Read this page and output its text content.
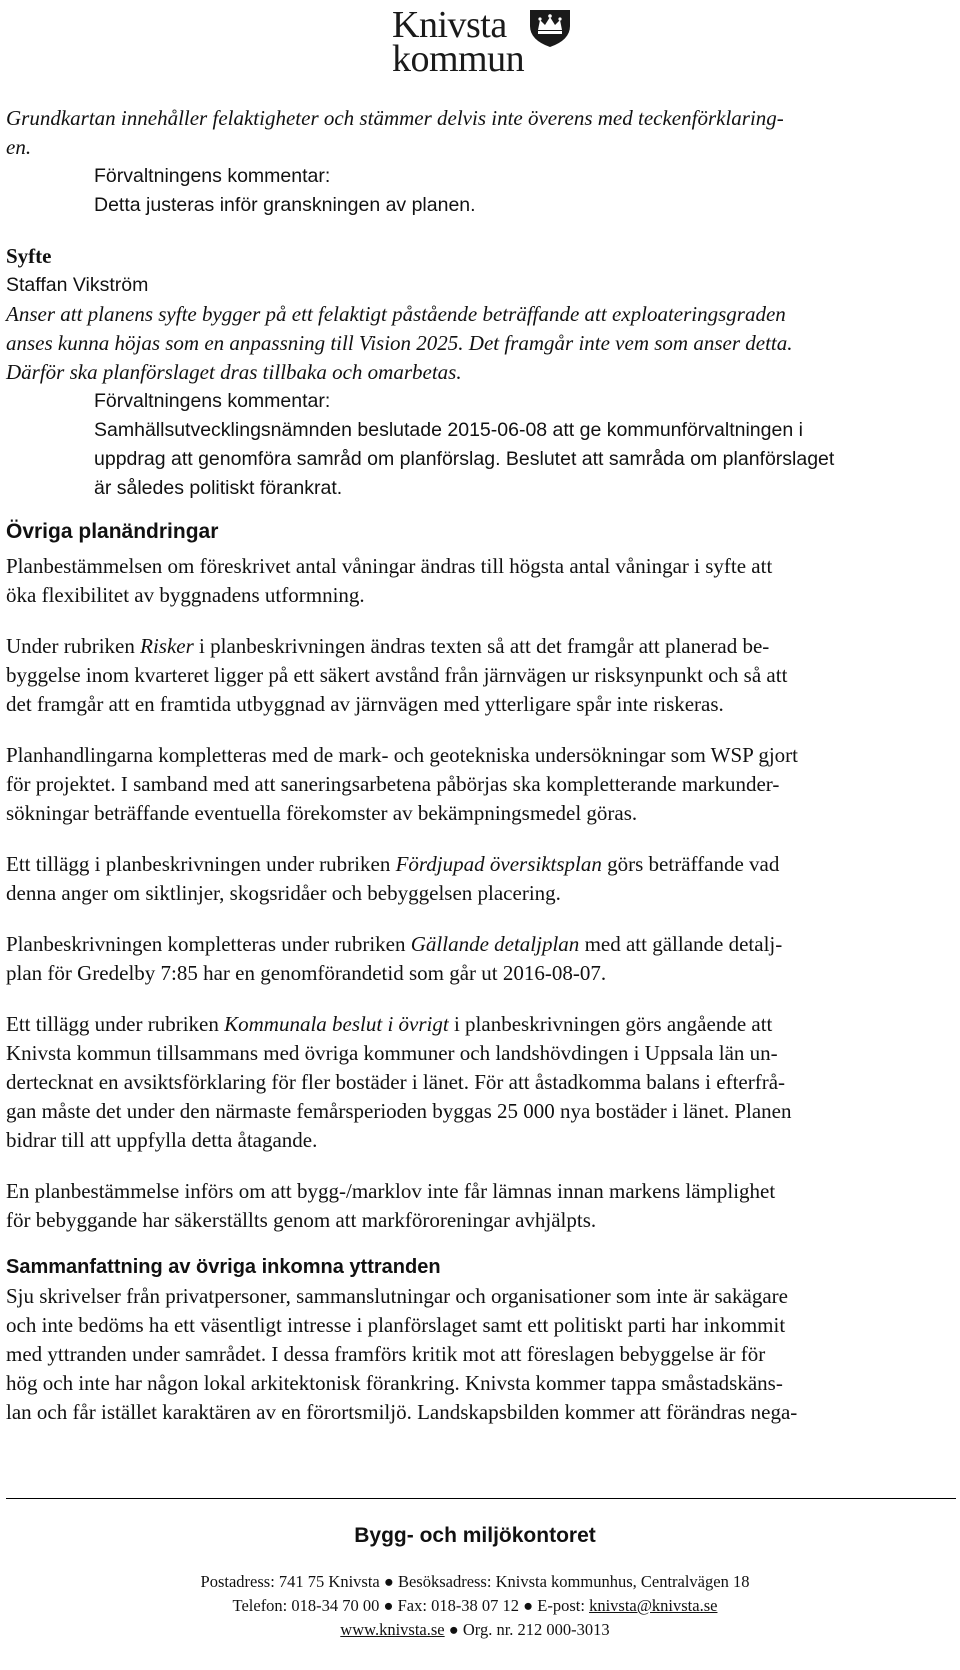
Knivsta
kommun

Grundkartan innehåller felaktigheter och stämmer delvis inte överens med teckenförklaring-

en.

Förvaltningens kommentar:

Detta justeras inför granskningen av planen.

Syfte

Staffan Vikström

Anser att planens syfte bygger på ett felaktigt påstående beträffande att exploateringsgraden

anses kunna höjas som en anpassning till Vision 2025. Det framgår inte vem som anser detta.

Därför ska planförslaget dras tillbaka och omarbetas.

Förvaltningens kommentar:

Samhällsutvecklingsnämnden beslutade 2015-06-08 att ge kommunförvaltningen i

uppdrag att genomföra samråd om planförslag. Beslutet att samråda om planförslaget

är således politiskt förankrat.

Övriga planändringar

Planbestämmelsen om föreskrivet antal våningar ändras till högsta antal våningar i syfte att

öka flexibilitet av byggnadens utformning.

Under rubriken Risker i planbeskrivningen ändras texten så att det framgår att planerad be-

byggelse inom kvarteret ligger på ett säkert avstånd från järnvägen ur risksynpunkt och så att

det framgår att en framtida utbyggnad av järnvägen med ytterligare spår inte riskeras.

Planhandlingarna kompletteras med de mark- och geotekniska undersökningar som WSP gjort

för projektet. I samband med att saneringsarbetena påbörjas ska kompletterande markunder-

sökningar beträffande eventuella förekomster av bekämpningsmedel göras.

Ett tillägg i planbeskrivningen under rubriken Fördjupad översiktsplan görs beträffande vad

denna anger om siktlinjer, skogsridåer och bebyggelsen placering.

Planbeskrivningen kompletteras under rubriken Gällande detaljplan med att gällande detalj-

plan för Gredelby 7:85 har en genomförandetid som går ut 2016-08-07.

Ett tillägg under rubriken Kommunala beslut i övrigt i planbeskrivningen görs angående att

Knivsta kommun tillsammans med övriga kommuner och landshövdingen i Uppsala län un-

dertecknat en avsiktsförklaring för fler bostäder i länet. För att åstadkomma balans i efterfrå-

gan måste det under den närmaste femårsperioden byggas 25 000 nya bostäder i länet. Planen

bidrar till att uppfylla detta åtagande.

En planbestämmelse införs om att bygg-/marklov inte får lämnas innan markens lämplighet

för bebyggande har säkerställts genom att markföroreningar avhjälpts.

Sammanfattning av övriga inkomna yttranden

Sju skrivelser från privatpersoner, sammanslutningar och organisationer som inte är sakägare

och inte bedöms ha ett väsentligt intresse i planförslaget samt ett politiskt parti har inkommit

med yttranden under samrådet. I dessa framförs kritik mot att föreslagen bebyggelse är för

hög och inte har någon lokal arkitektonisk förankring. Knivsta kommer tappa småstadskäns-

lan och får istället karaktären av en förortsmiljö. Landskapsbilden kommer att förändras nega-

Bygg- och miljökontoret
Postadress: 741 75 Knivsta ● Besöksadress: Knivsta kommunhus, Centralvägen 18
Telefon: 018-34 70 00 ● Fax: 018-38 07 12 ● E-post: knivsta@knivsta.se
www.knivsta.se ● Org. nr. 212 000-3013
